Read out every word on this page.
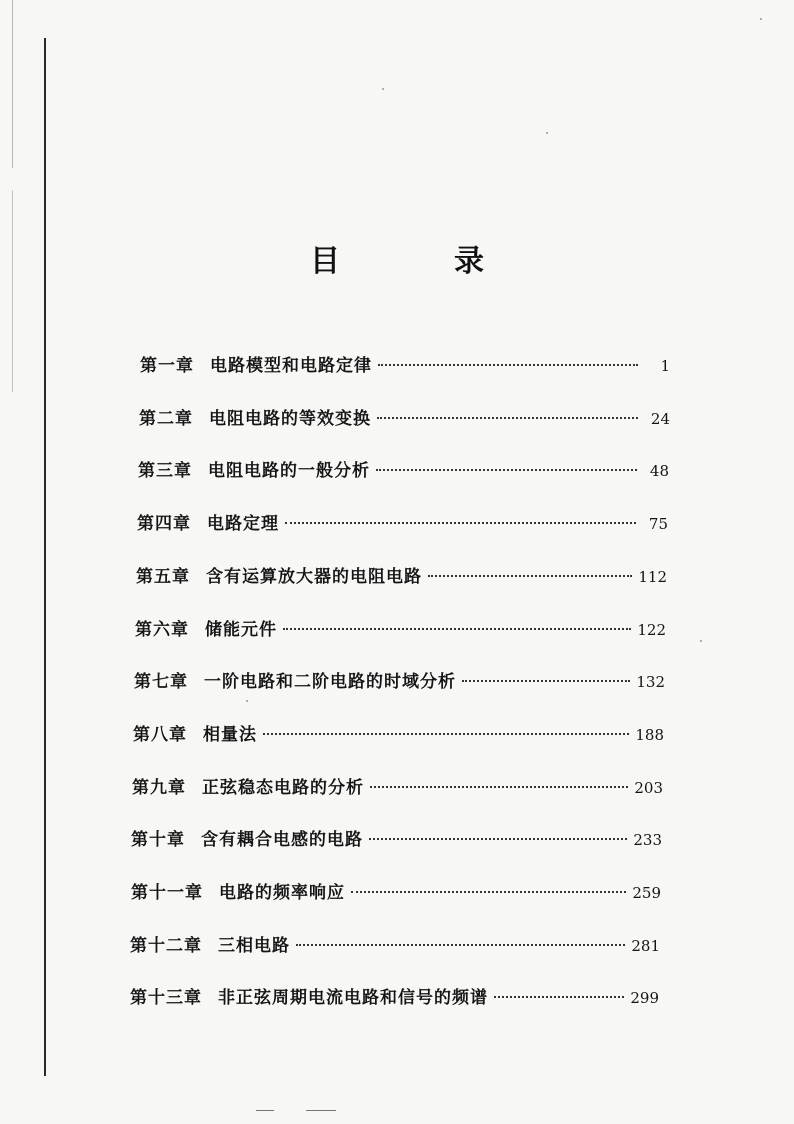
目　录
第一章 电路模型和电路定律	1
第二章 电阻电路的等效变换	24
第三章 电阻电路的一般分析	48
第四章 电路定理	75
第五章 含有运算放大器的电阻电路	112
第六章 储能元件	122
第七章 一阶电路和二阶电路的时域分析	132
第八章 相量法	188
第九章 正弦稳态电路的分析	203
第十章 含有耦合电感的电路	233
第十一章 电路的频率响应	259
第十二章 三相电路	281
第十三章 非正弦周期电流电路和信号的频谱	299
